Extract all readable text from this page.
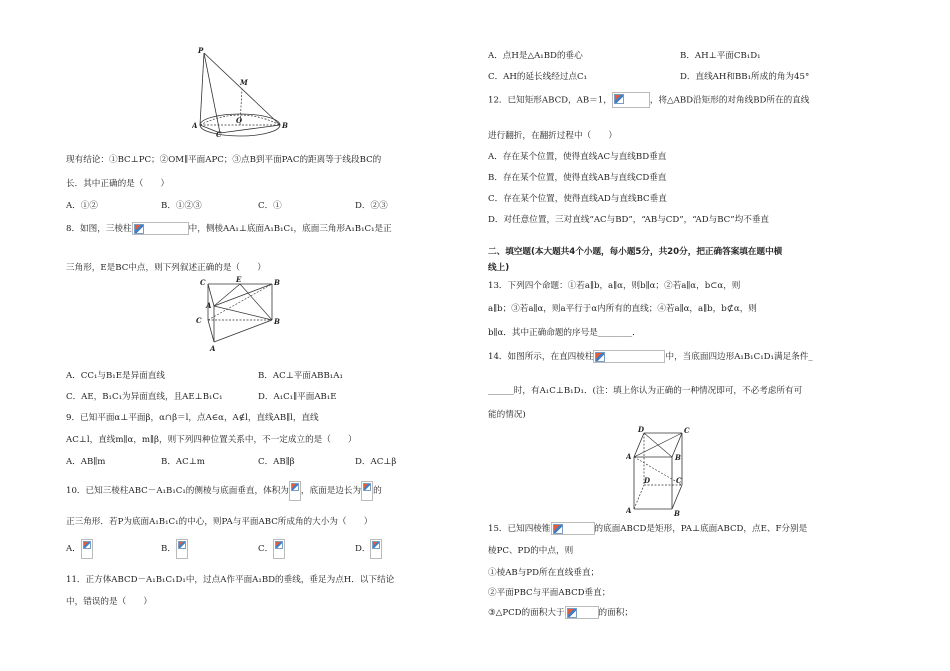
P
M
A
O
C
B
现有结论：①BC⊥PC；②OM∥平面APC；③点B到平面PAC的距离等于线段BC的
长．其中正确的是（　　）
A．①②	B．①②③	C．①	D．②③
8．如图，三棱柱	中，侧棱AA₁⊥底面A₁B₁C₁，底面三角形A₁B₁C₁是正
三角形，E是BC中点，则下列叙述正确的是（　　）
C	E	B
A
C	B
A
A．CC₁与B₁E是异面直线	B．AC⊥平面ABB₁A₁
C．AE，B₁C₁为异面直线，且AE⊥B₁C₁	D．A₁C₁∥平面AB₁E
9．已知平面α⊥平面β，α∩β＝l，点A∈α，A∉l，直线AB∥l，直线
AC⊥l，直线m∥α，m∥β，则下列四种位置关系中，不一定成立的是（　　）
A．AB∥m	B．AC⊥m	C．AB∥β	D．AC⊥β
10．已知三棱柱ABC－A₁B₁C₁的侧棱与底面垂直，体积为 ，底面是边长为 的
正三角形．若P为底面A₁B₁C₁的中心，则PA与平面ABC所成角的大小为（　　）
A．	B．	C．	D．
11．正方体ABCD－A₁B₁C₁D₁中，过点A作平面A₁BD的垂线，垂足为点H．以下结论
中，错误的是（　　）
A．点H是△A₁BD的垂心	B．AH⊥平面CB₁D₁
C．AH的延长线经过点C₁	D．直线AH和BB₁所成的角为45°
12．已知矩形ABCD，AB＝1，	，将△ABD沿矩形的对角线BD所在的直线
进行翻折，在翻折过程中（　　）
A．存在某个位置，使得直线AC与直线BD垂直
B．存在某个位置，使得直线AB与直线CD垂直
C．存在某个位置，使得直线AD与直线BC垂直
D．对任意位置，三对直线“AC与BD”，“AB与CD”，“AD与BC”均不垂直
二、填空题(本大题共4个小题，每小题5分，共20分，把正确答案填在题中横
线上)
13．下列四个命题：①若a∥b，a∥α，则b∥α；②若a∥α，b⊂α，则
a∥b；③若a∥α，则a平行于α内所有的直线；④若a∥α，a∥b，b⊄α，则
b∥α．其中正确命题的序号是________．
14．如图所示，在直四棱柱	中，当底面四边形A₁B₁C₁D₁满足条件_
______时，有A₁C⊥B₁D₁．(注：填上你认为正确的一种情况即可，不必考虑所有可
能的情况)
D	C
A	B
D	C
A	B
15．已知四棱锥	的底面ABCD是矩形，PA⊥底面ABCD，点E、F分别是
棱PC、PD的中点，则
①棱AB与PD所在直线垂直；
②平面PBC与平面ABCD垂直；
③△PCD的面积大于	的面积；
